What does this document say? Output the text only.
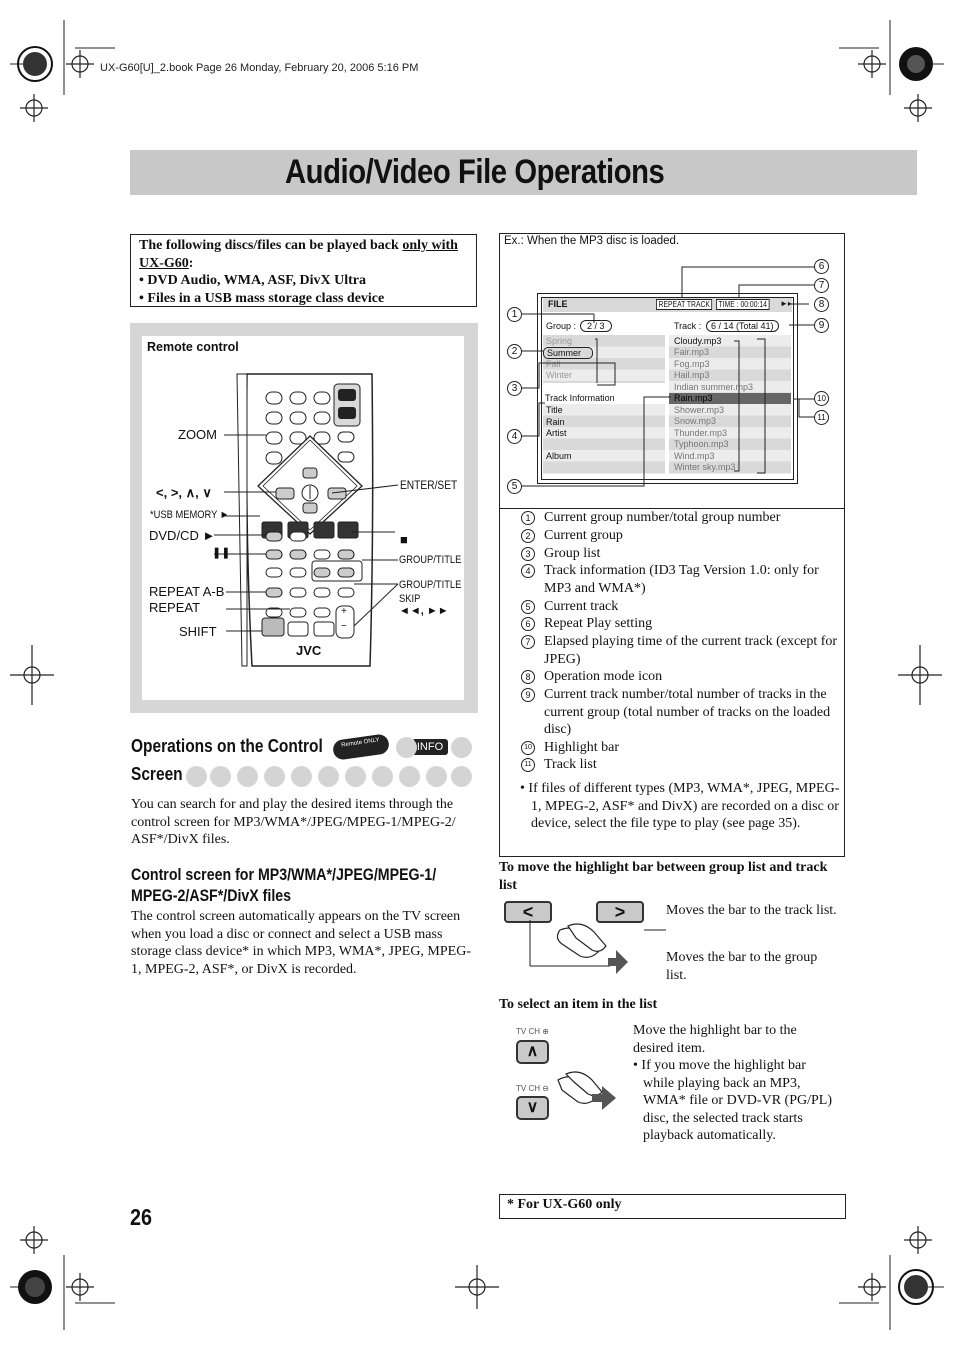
UX-G60[U]_2.book Page 26 Monday, February 20, 2006 5:16 PM
Audio/Video File Operations
The following discs/files can be played back only with UX-G60:
• DVD Audio, WMA, ASF, DivX Ultra
• Files in a USB mass storage class device
Remote control
ZOOM
<, >, ∧, ∨
*USB MEMORY ►
DVD/CD ►
❚❚
REPEAT A-B
REPEAT
SHIFT
ENTER/SET
■
GROUP/TITLE
GROUP/TITLE
SKIP
◄◄, ►►
JVC
+
−
Operations on the Control
Screen
Remote ONLY	INFO
You can search for and play the desired items through the control screen for MP3/WMA*/JPEG/MPEG-1/MPEG-2/ ASF*/DivX files.
Control screen for MP3/WMA*/JPEG/MPEG-1/
MPEG-2/ASF*/DivX files
The control screen automatically appears on the TV screen when you load a disc or connect and select a USB mass storage class device* in which MP3, WMA*, JPEG, MPEG-1, MPEG-2, ASF*, or DivX is recorded.
Ex.: When the MP3 disc is loaded.
FILE	REPEAT TRACK	TIME : 00:00:14	►▸
Group :	2 / 3	Track :	6 / 14 (Total 41)
Spring
Summer
Fall
Winter
Track Information
Title
Rain
Artist
Album
Cloudy.mp3
Fair.mp3
Fog.mp3
Hail.mp3
Indian summer.mp3
Rain.mp3
Shower.mp3
Snow.mp3
Thunder.mp3
Typhoon.mp3
Wind.mp3
Winter sky.mp3
1
2
3
4
5
6
7
8
9
10
11
1 Current group number/total group number
2 Current group
3 Group list
4 Track information (ID3 Tag Version 1.0: only for MP3 and WMA*)
5 Current track
6 Repeat Play setting
7 Elapsed playing time of the current track (except for JPEG)
8 Operation mode icon
9 Current track number/total number of tracks in the current group (total number of tracks on the loaded disc)
10 Highlight bar
11 Track list
• If files of different types (MP3, WMA*, JPEG, MPEG-1, MPEG-2, ASF* and DivX) are recorded on a disc or device, select the file type to play (see page 35).
To move the highlight bar between group list and track list
<	>	Moves the bar to the track list.
Moves the bar to the group list.
To select an item in the list
TV CH ⊕
∧
TV CH ⊖
∨
Move the highlight bar to the desired item.
• If you move the highlight bar while playing back an MP3, WMA* file or DVD-VR (PG/PL) disc, the selected track starts playback automatically.
* For UX-G60 only
26
